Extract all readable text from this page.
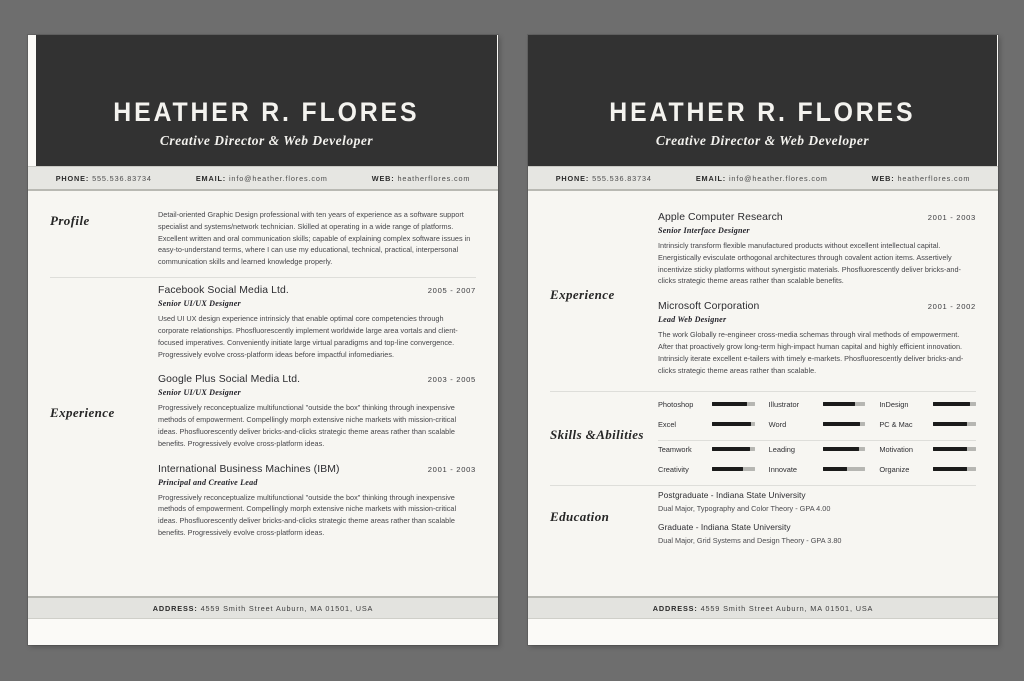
HEATHER R. FLORES
Creative Director & Web Developer
PHONE: 555.536.83734	EMAIL: info@heather.flores.com	WEB: heatherflores.com
Profile	Detail-oriented Graphic Design professional with ten years of experience as a software support specialist and systems/network technician. Skilled at operating in a wide range of platforms. Excellent written and oral communication skills; capable of explaining complex software issues in easy-to-understand terms, where I can use my educational, technical, practical, interpersonal communication skills and learned knowledge properly.
Experience
Facebook Social Media Ltd.	2005 - 2007
Senior UI/UX Designer
Used UI UX design experience intrinsicly that enable optimal core competencies through corporate relationships. Phosfluorescently implement worldwide large area vortals and client-focused imperatives. Conveniently initiate large virtual paradigms and top-line convergence. Progressively evolve cross-platform ideas before impactful infomediaries.
Google Plus Social Media Ltd.	2003 - 2005
Senior UI/UX Designer
Progressively reconceptualize multifunctional "outside the box" thinking through inexpensive methods of empowerment. Compellingly morph extensive niche markets with mission-critical ideas. Phosfluorescently deliver bricks-and-clicks strategic theme areas rather than scalable benefits. Progressively evolve cross-platform ideas.
International Business Machines (IBM)	2001 - 2003
Principal and Creative Lead
Progressively reconceptualize multifunctional "outside the box" thinking through inexpensive methods of empowerment. Compellingly morph extensive niche markets with mission-critical ideas. Phosfluorescently deliver bricks-and-clicks strategic theme areas rather than scalable benefits. Progressively evolve cross-platform ideas.
ADDRESS:
4559 Smith Street Auburn, MA 01501, USA
HEATHER R. FLORES
Creative Director & Web Developer
PHONE: 555.536.83734	EMAIL: info@heather.flores.com	WEB: heatherflores.com
Experience
Apple Computer Research	2001 - 2003
Senior Interface Designer
Intrinsicly transform flexible manufactured products without excellent intellectual capital. Energistically evisculate orthogonal architectures through covalent action items. Assertively incentivize sticky platforms without synergistic materials. Phosfluorescently deliver bricks-and-clicks strategic theme areas rather than scalable benefits.
Microsoft Corporation	2001 - 2002
Lead Web Designer
The work Globally re-engineer cross-media schemas through viral methods of empowerment. After that proactively grow long-term high-impact human capital and highly efficient innovation. Intrinsicly iterate excellent e-tailers with timely e-markets. Phosfluorescently deliver bricks-and-clicks strategic theme areas rather than scalable.
Skills & Abilities
Photoshop	Illustrator	InDesign
Excel	Word	PC & Mac
Teamwork	Leading	Motivation
Creativity	Innovate	Organize
Education
Postgraduate - Indiana State University
Dual Major, Typography and Color Theory - GPA 4.00
Graduate - Indiana State University
Dual Major, Grid Systems and Design Theory - GPA 3.80
ADDRESS:
4559 Smith Street Auburn, MA 01501, USA
